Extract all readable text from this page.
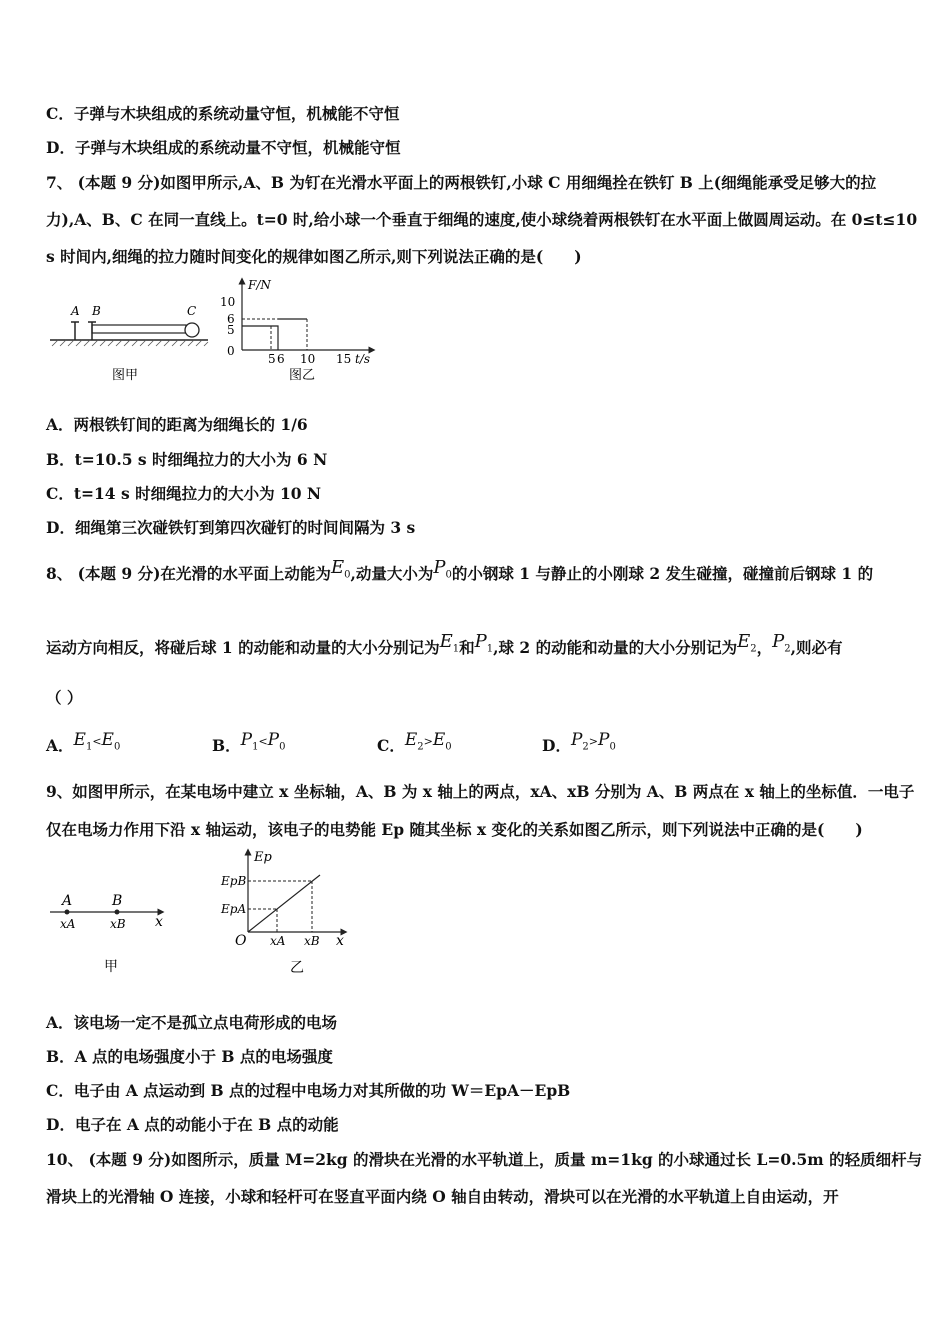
C．子弹与木块组成的系统动量守恒，机械能不守恒
D．子弹与木块组成的系统动量不守恒，机械能守恒
7、 (本题 9 分)如图甲所示,A、B 为钉在光滑水平面上的两根铁钉,小球 C 用细绳拴在铁钉 B 上(细绳能承受足够大的拉
力),A、B、C 在同一直线上。t=0 时,给小球一个垂直于细绳的速度,使小球绕着两根铁钉在水平面上做圆周运动。在 0≤t≤10
s 时间内,细绳的拉力随时间变化的规律如图乙所示,则下列说法正确的是(　　)
A B	C
图甲
F/N
10
6
5
0
5 6 10 15 t/s
图乙
A．两根铁钉间的距离为细绳长的 1/6
B．t=10.5 s 时细绳拉力的大小为 6 N
C．t=14 s 时细绳拉力的大小为 10 N
D．细绳第三次碰铁钉到第四次碰钉的时间间隔为 3 s
8、 (本题 9 分)在光滑的水平面上动能为$E_0$,动量大小为$P_0$的小钢球 1 与静止的小刚球 2 发生碰撞，碰撞前后钢球 1 的
运动方向相反，将碰后球 1 的动能和动量的大小分别记为$E_1$和$P_1$,球 2 的动能和动量的大小分别记为$E_2$，$P_2$,则必有
（ ）
A．$E_1<E_0$	B．$P_1<P_0$	C．$E_2>E_0$	D．$P_2>P_0$
9、如图甲所示，在某电场中建立 x 坐标轴，A、B 为 x 轴上的两点，xA、xB 分别为 A、B 两点在 x 轴上的坐标值．一电子
仅在电场力作用下沿 x 轴运动，该电子的电势能 Ep 随其坐标 x 变化的关系如图乙所示，则下列说法中正确的是(　　)
A	B
xA	xB x
甲
Ep
EpB
EpA
O xA xB x
乙
A．该电场一定不是孤立点电荷形成的电场
B．A 点的电场强度小于 B 点的电场强度
C．电子由 A 点运动到 B 点的过程中电场力对其所做的功 W＝EpA－EpB
D．电子在 A 点的动能小于在 B 点的动能
10、 (本题 9 分)如图所示，质量 M=2kg 的滑块在光滑的水平轨道上，质量 m=1kg 的小球通过长 L=0.5m 的轻质细杆与
滑块上的光滑轴 O 连接，小球和轻杆可在竖直平面内绕 O 轴自由转动，滑块可以在光滑的水平轨道上自由运动，开
